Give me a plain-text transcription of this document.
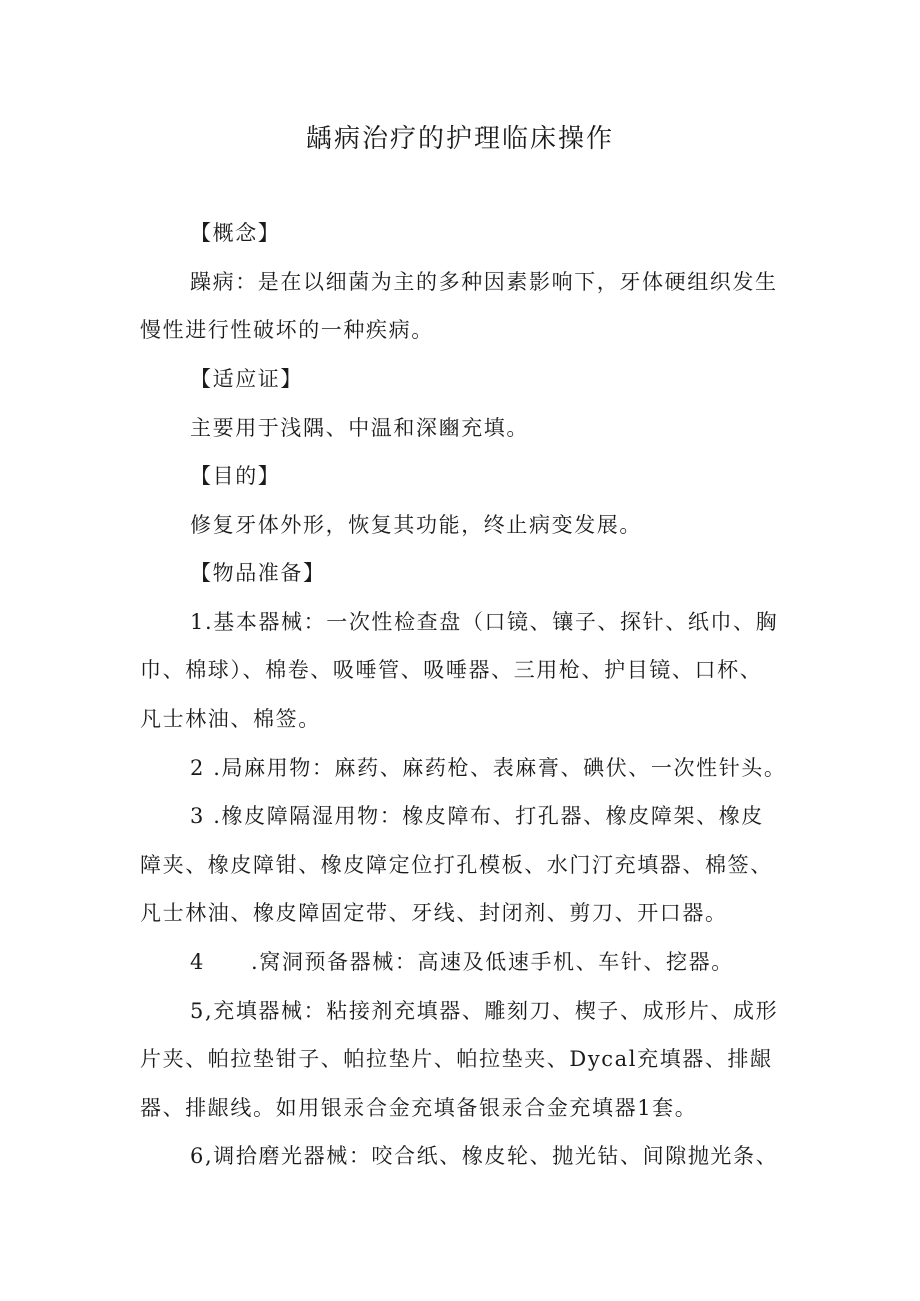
龋病治疗的护理临床操作
【概念】
躁病：是在以细菌为主的多种因素影响下，牙体硬组织发生
慢性进行性破坏的一种疾病。
【适应证】
主要用于浅隅、中温和深豳充填。
【目的】
修复牙体外形，恢复其功能，终止病变发展。
【物品准备】
1.基本器械：一次性检查盘（口镜、镶子、探针、纸巾、胸
巾、棉球）、棉卷、吸唾管、吸唾器、三用枪、护目镜、口杯、
凡士林油、棉签。
2 .局麻用物：麻药、麻药枪、表麻膏、碘伏、一次性针头。
3 .橡皮障隔湿用物：橡皮障布、打孔器、橡皮障架、橡皮
障夹、橡皮障钳、橡皮障定位打孔模板、水门汀充填器、棉签、
凡士林油、橡皮障固定带、牙线、封闭剂、剪刀、开口器。
4 .窝洞预备器械：高速及低速手机、车针、挖器。
5,充填器械：粘接剂充填器、雕刻刀、楔子、成形片、成形
片夹、帕拉垫钳子、帕拉垫片、帕拉垫夹、Dycal充填器、排龈
器、排龈线。如用银汞合金充填备银汞合金充填器1套。
6,调拾磨光器械：咬合纸、橡皮轮、抛光钻、间隙抛光条、
